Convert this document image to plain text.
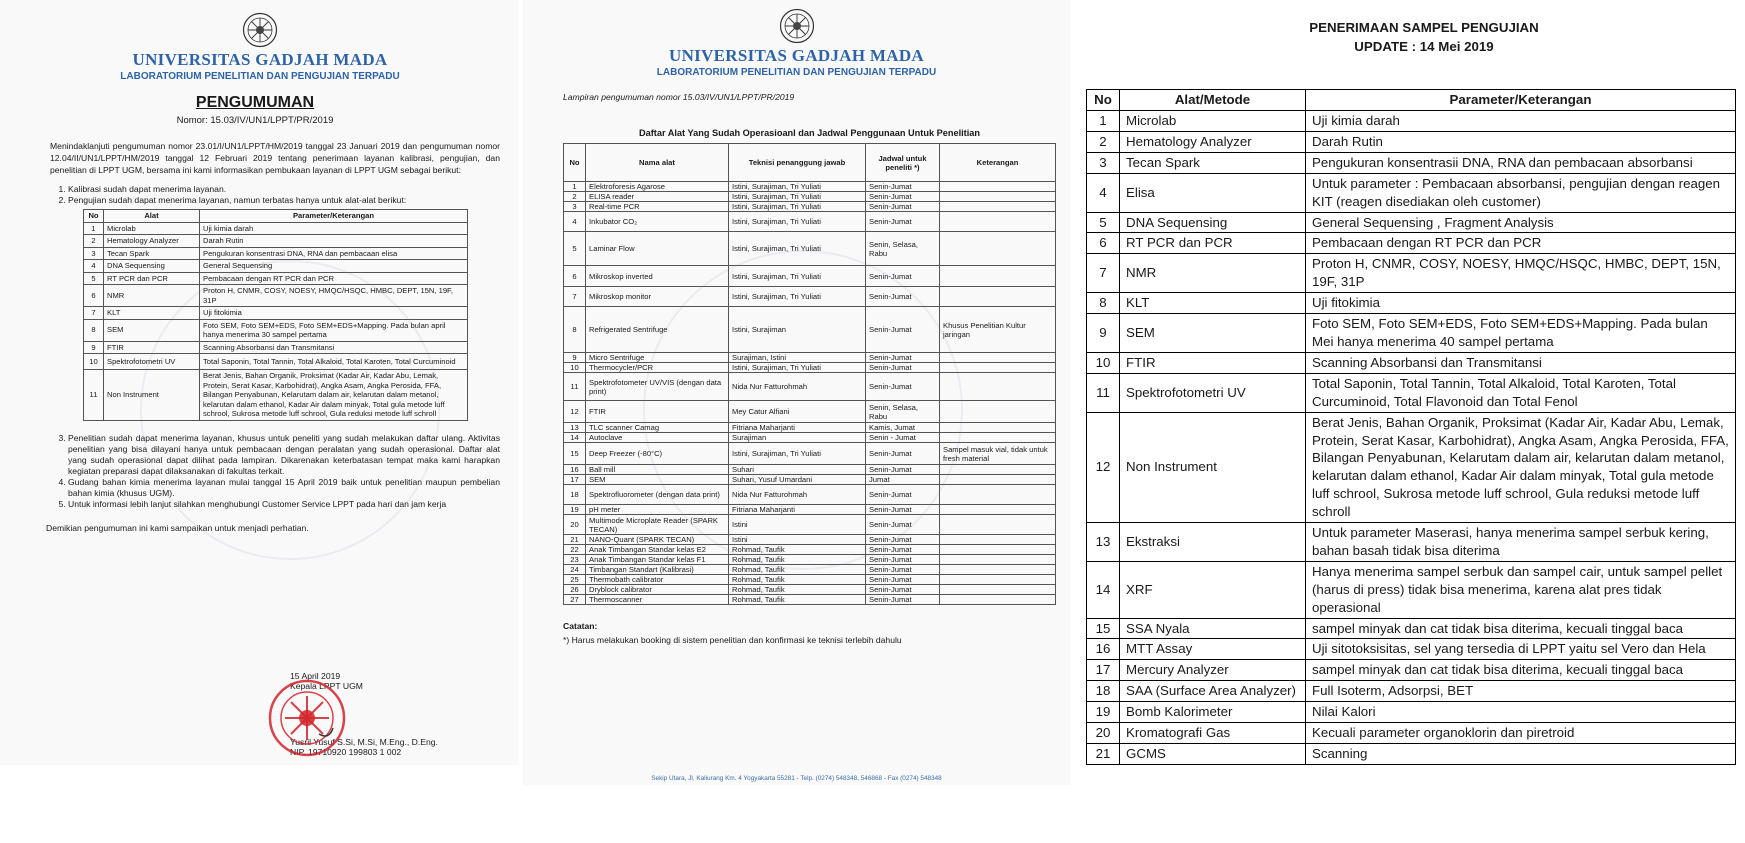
UNIVERSITAS GADJAH MADA
LABORATORIUM PENELITIAN DAN PENGUJIAN TERPADU
PENGUMUMAN
Nomor: 15.03/IV/UN1/LPPT/PR/2019
Menindaklanjuti pengumuman nomor 23.01/I/UN1/LPPT/HM/2019 tanggal 23 Januari 2019 dan pengumuman nomor 12.04/II/UN1/LPPT/HM/2019 tanggal 12 Februari 2019 tentang penerimaan layanan kalibrasi, pengujian, dan penelitian di LPPT UGM, bersama ini kami informasikan pembukaan layanan di LPPT UGM sebagai berikut:
1. Kalibrasi sudah dapat menerima layanan.
2. Pengujian sudah dapat menerima layanan, namun terbatas hanya untuk alat-alat berikut:
No	Alat	Parameter/Keterangan
1	Microlab	Uji kimia darah
2	Hematology Analyzer	Darah Rutin
3	Tecan Spark	Pengukuran konsentrasi DNA, RNA dan pembacaan elisa
4	DNA Sequensing	General Sequensing
5	RT PCR dan PCR	Pembacaan dengan RT PCR dan PCR
6	NMR	Proton H, CNMR, COSY, NOESY, HMQC/HSQC, HMBC, DEPT, 15N, 19F, 31P
7	KLT	Uji fitokimia
8	SEM	Foto SEM, Foto SEM+EDS, Foto SEM+EDS+Mapping. Pada bulan april hanya menerima 30 sampel pertama
9	FTIR	Scanning Absorbansi dan Transmitansi
10	Spektrofotometri UV	Total Saponin, Total Tannin, Total Alkaloid, Total Karoten, Total Curcuminoid
11	Non Instrument	Berat Jenis, Bahan Organik, Proksimat (Kadar Air, Kadar Abu, Lemak, Protein, Serat Kasar, Karbohidrat), Angka Asam, Angka Perosida, FFA, Bilangan Penyabunan, Kelarutam dalam air, kelarutan dalam metanol, kelarutan dalam ethanol, Kadar Air dalam minyak, Total gula metode luff schrool, Sukrosa metode luff schrool, Gula reduksi metode luff schroll
3. Penelitian sudah dapat menerima layanan, khusus untuk peneliti yang sudah melakukan daftar ulang. Aktivitas penelitian yang bisa dilayani hanya untuk pembacaan dengan peralatan yang sudah operasional. Daftar alat yang sudah operasional dapat dilihat pada lampiran. Dikarenakan keterbatasan tempat maka kami harapkan kegiatan preparasi dapat dilaksanakan di fakultas terkait.
4. Gudang bahan kimia menerima layanan mulai tanggal 15 April 2019 baik untuk penelitian maupun pembelian bahan kimia (khusus UGM).
5. Untuk informasi lebih lanjut silahkan menghubungi Customer Service LPPT pada hari dan jam kerja
Demikian pengumuman ini kami sampaikan untuk menjadi perhatian.
15 April 2019
Kepala LPPT UGM
Yusril Yusuf S.Si, M.Si, M.Eng., D.Eng.
NIP. 19710920 199803 1 002
UNIVERSITAS GADJAH MADA
LABORATORIUM PENELITIAN DAN PENGUJIAN TERPADU
Lampiran pengumuman nomor 15.03/IV/UN1/LPPT/PR/2019
Daftar Alat Yang Sudah Operasioanl dan Jadwal Penggunaan Untuk Penelitian
No	Nama alat	Teknisi penanggung jawab	Jadwal untuk peneliti *)	Keterangan
1	Elektroforesis Agarose	Istini, Surajiman, Tri Yuliati	Senin-Jumat	
2	ELISA reader	Istini, Surajiman, Tri Yuliati	Senin-Jumat	
3	Real-time PCR	Istini, Surajiman, Tri Yuliati	Senin-Jumat	
4	Inkubator CO₂	Istini, Surajiman, Tri Yuliati	Senin-Jumat	
5	Laminar Flow	Istini, Surajiman, Tri Yuliati	Senin, Selasa, Rabu	
6	Mikroskop inverted	Istini, Surajiman, Tri Yuliati	Senin-Jumat	
7	Mikroskop monitor	Istini, Surajiman, Tri Yuliati	Senin-Jumat	
8	Refrigerated Sentrifuge	Istini, Surajiman	Senin-Jumat	Khusus Penelitian Kultur jaringan
9	Micro Sentrifuge	Surajiman, Istini	Senin-Jumat	
10	Thermocycler/PCR	Istini, Surajiman, Tri Yuliati	Senin-Jumat	
11	Spektrofotometer UV/VIS (dengan data print)	Nida Nur Fatturohmah	Senin-Jumat	
12	FTIR	Mey Catur Alfiani	Senin, Selasa, Rabu	
13	TLC scanner Camag	Fitriana Maharjanti	Kamis, Jumat	
14	Autoclave	Surajiman	Senin - Jumat	
15	Deep Freezer (-80°C)	Istini, Surajiman, Tri Yuliati	Senin-Jumat	Sampel masuk vial, tidak untuk fresh material
16	Ball mill	Suhari	Senin-Jumat	
17	SEM	Suhari, Yusuf Umardani	Jumat	
18	Spektrofluorometer (dengan data print)	Nida Nur Fatturohmah	Senin-Jumat	
19	pH meter	Fitriana Maharjanti	Senin-Jumat	
20	Multimode Microplate Reader (SPARK TECAN)	Istini	Senin-Jumat	
21	NANO-Quant (SPARK TECAN)	Istini	Senin-Jumat	
22	Anak Timbangan Standar kelas E2	Rohmad, Taufik	Senin-Jumat	
23	Anak Timbangan Standar kelas F1	Rohmad, Taufik	Senin-Jumat	
24	Timbangan Standart (Kalibrasi)	Rohmad, Taufik	Senin-Jumat	
25	Thermobath calibrator	Rohmad, Taufik	Senin-Jumat	
26	Dryblock calibrator	Rohmad, Taufik	Senin-Jumat	
27	Thermoscanner	Rohmad, Taufik	Senin-Jumat	
Catatan:
*) Harus melakukan booking di sistem penelitian dan konfirmasi ke teknisi terlebih dahulu
Sekip Utara, Jl. Kaliurang Km. 4 Yogyakarta 55281 - Telp. (0274) 548348, 546868 - Fax (0274) 548348
PENERIMAAN SAMPEL PENGUJIAN
UPDATE : 14 Mei 2019
No	Alat/Metode	Parameter/Keterangan
1	Microlab	Uji kimia darah
2	Hematology Analyzer	Darah Rutin
3	Tecan Spark	Pengukuran konsentrasii DNA, RNA dan pembacaan absorbansi
4	Elisa	Untuk parameter : Pembacaan absorbansi, pengujian dengan reagen KIT (reagen disediakan oleh customer)
5	DNA Sequensing	General Sequensing , Fragment Analysis
6	RT PCR dan PCR	Pembacaan dengan RT PCR dan PCR
7	NMR	Proton H, CNMR, COSY, NOESY, HMQC/HSQC, HMBC, DEPT, 15N, 19F, 31P
8	KLT	Uji fitokimia
9	SEM	Foto SEM, Foto SEM+EDS, Foto SEM+EDS+Mapping. Pada bulan Mei hanya menerima 40 sampel pertama
10	FTIR	Scanning Absorbansi dan Transmitansi
11	Spektrofotometri UV	Total Saponin, Total Tannin, Total Alkaloid, Total Karoten, Total Curcuminoid, Total Flavonoid dan Total Fenol
12	Non Instrument	Berat Jenis, Bahan Organik, Proksimat (Kadar Air, Kadar Abu, Lemak, Protein, Serat Kasar, Karbohidrat), Angka Asam, Angka Perosida, FFA, Bilangan Penyabunan, Kelarutam dalam air, kelarutan dalam metanol, kelarutan dalam ethanol, Kadar Air dalam minyak, Total gula metode luff schrool, Sukrosa metode luff schrool, Gula reduksi metode luff schroll
13	Ekstraksi	Untuk parameter Maserasi, hanya menerima sampel serbuk kering, bahan basah tidak bisa diterima
14	XRF	Hanya menerima sampel serbuk dan sampel cair, untuk sampel pellet (harus di press) tidak bisa menerima, karena alat pres tidak operasional
15	SSA Nyala	sampel minyak dan cat tidak bisa diterima, kecuali tinggal baca
16	MTT Assay	Uji sitotoksisitas, sel yang tersedia di LPPT yaitu sel Vero dan Hela
17	Mercury Analyzer	sampel minyak dan cat tidak bisa diterima, kecuali tinggal baca
18	SAA (Surface Area Analyzer)	Full Isoterm, Adsorpsi, BET
19	Bomb Kalorimeter	Nilai Kalori
20	Kromatografi Gas	Kecuali parameter organoklorin dan piretroid
21	GCMS	Scanning
